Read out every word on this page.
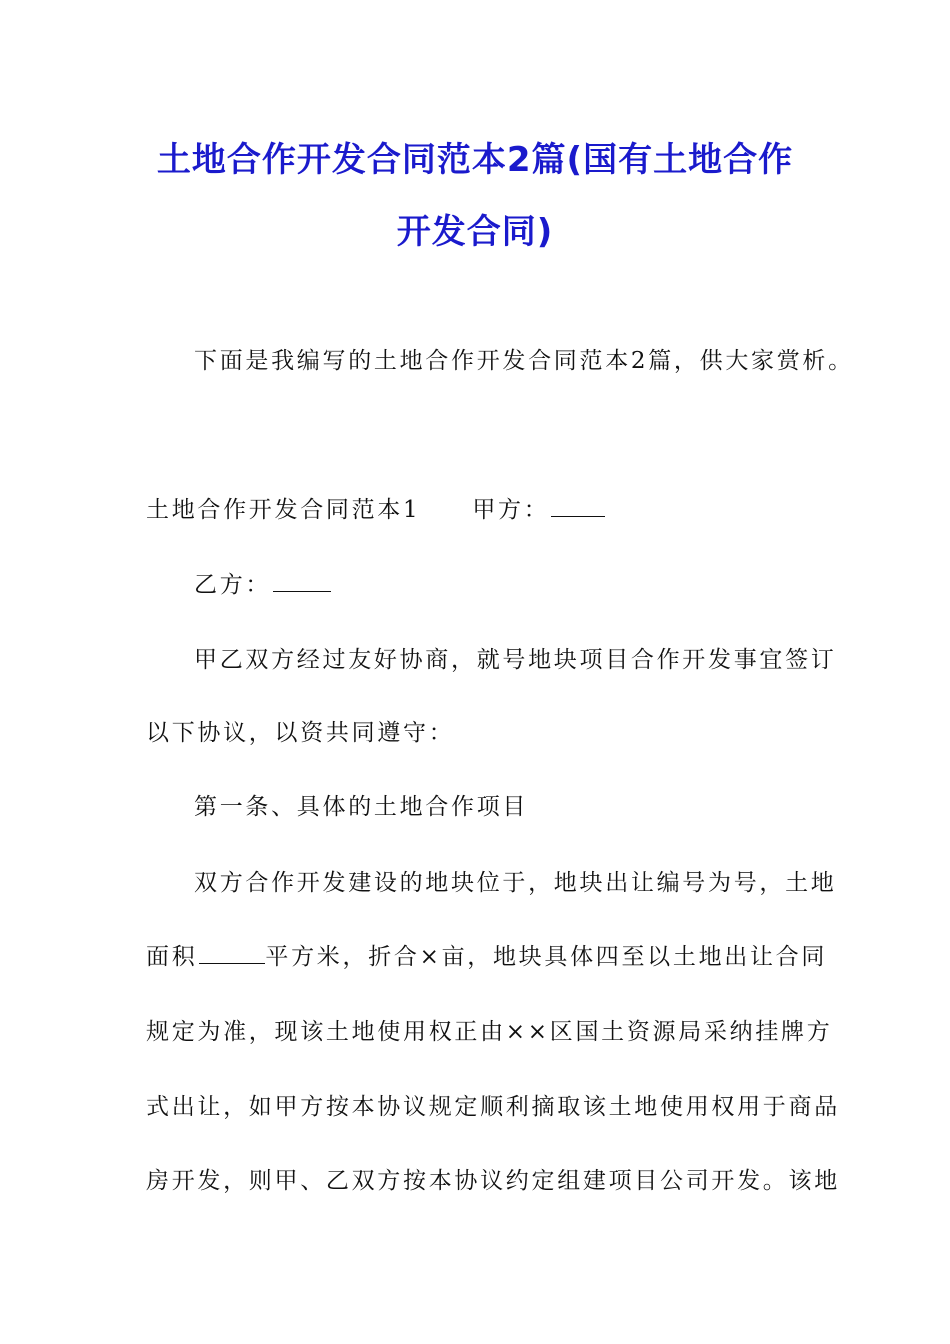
土地合作开发合同范本2篇(国有土地合作
开发合同)
下面是我编写的土地合作开发合同范本2篇，供大家赏析。
土地合作开发合同范本1 甲方：
乙方：
甲乙双方经过友好协商，就号地块项目合作开发事宜签订
以下协议，以资共同遵守：
第一条、具体的土地合作项目
双方合作开发建设的地块位于，地块出让编号为号，土地
面积	平方米，折合×亩，地块具体四至以土地出让合同
规定为准，现该土地使用权正由××区国土资源局采纳挂牌方
式出让，如甲方按本协议规定顺利摘取该土地使用权用于商品
房开发，则甲、乙双方按本协议约定组建项目公司开发。该地
